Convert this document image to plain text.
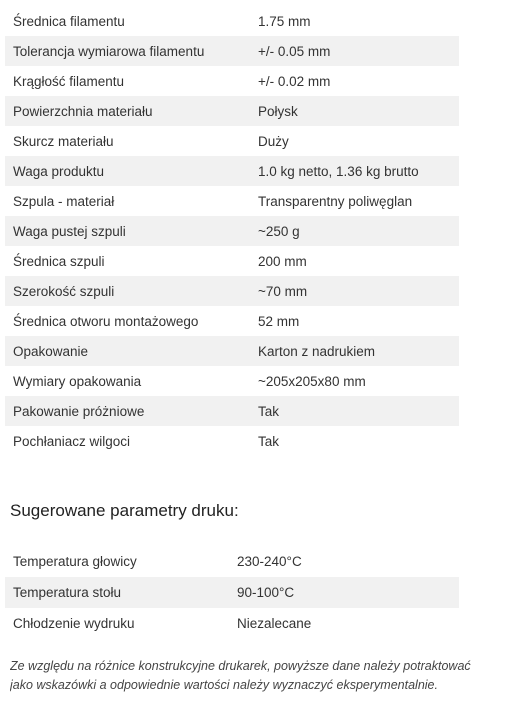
Średnica filamentu	1.75 mm
Tolerancja wymiarowa filamentu	+/- 0.05 mm
Krągłość filamentu	+/- 0.02 mm
Powierzchnia materiału	Połysk
Skurcz materiału	Duży
Waga produktu	1.0 kg netto, 1.36 kg brutto
Szpula - materiał	Transparentny poliwęglan
Waga pustej szpuli	~250 g
Średnica szpuli	200 mm
Szerokość szpuli	~70 mm
Średnica otworu montażowego	52 mm
Opakowanie	Karton z nadrukiem
Wymiary opakowania	~205x205x80 mm
Pakowanie próżniowe	Tak
Pochłaniacz wilgoci	Tak
Sugerowane parametry druku:
Temperatura głowicy	230-240°C
Temperatura stołu	90-100°C
Chłodzenie wydruku	Niezalecane
Ze względu na różnice konstrukcyjne drukarek, powyższe dane należy potraktować
jako wskazówki a odpowiednie wartości należy wyznaczyć eksperymentalnie.
